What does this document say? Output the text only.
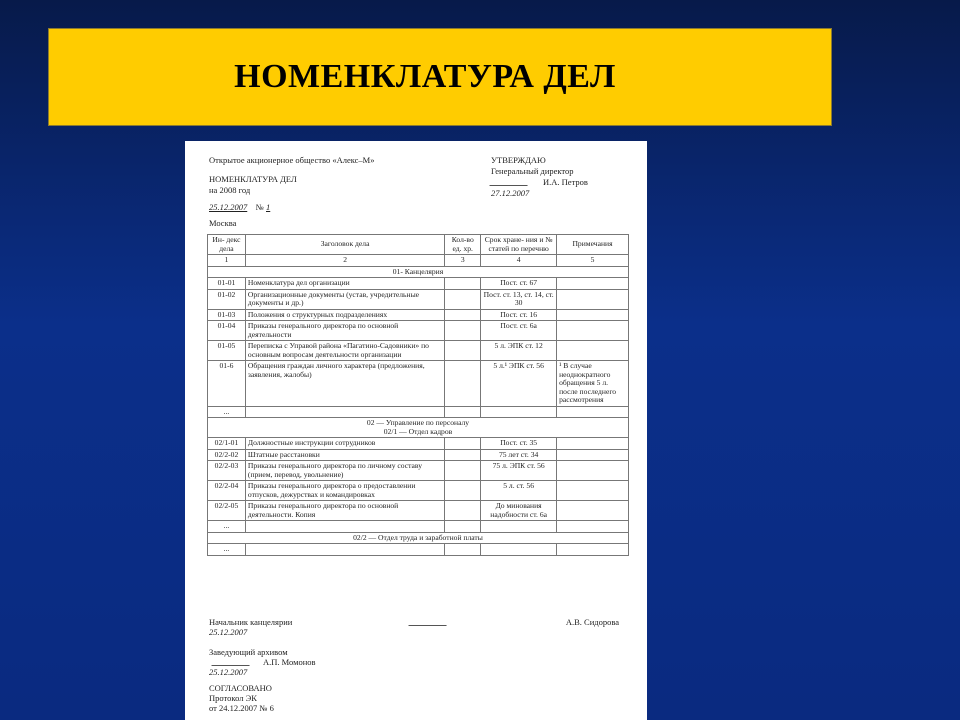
НОМЕНКЛАТУРА ДЕЛ
Открытое акционерное общество «Алекс–М»
НОМЕНКЛАТУРА ДЕЛ
на 2008 год
25.12.2007 № 1
Москва
УТВЕРЖДАЮ
Генеральный директор
И.А. Петров
27.12.2007
Ин- декс дела	Заголовок дела	Кол-во ед. хр.	Срок хране- ния и № статей по перечню	Примечания
1	2	3	4	5
01- Канцелярия				
01-01	Номенклатура дел организации		Пост. ст. 67	
01-02	Организационные документы (устав, учредительные документы и др.)		Пост. ст. 13, ст. 14, ст. 30	
01-03	Положения о структурных подразделениях		Пост. ст. 16	
01-04	Приказы генерального директора по основной деятельности		Пост. ст. 6а	
01-05	Переписка с Управой района «Пагатино-Садовники» по основным вопросам деятельности организации		5 л. ЭПК ст. 12	
01-6	Обращения граждан личного характера (предложения, заявления, жалобы)		5 л.¹ ЭПК ст. 56	¹ В случае неоднократного обращения 5 л. после последнего рассмотрения
...				

02 — Управление по персоналу
02/1 — Отдел кадров				

02/1-01	Должностные инструкции сотрудников		Пост. ст. 35	
02/2-02	Штатные расстановки		75 лет ст. 34	
02/2-03	Приказы генерального директора по личному составу (прием, перевод, увольнение)		75 л. ЭПК ст. 56	
02/2-04	Приказы генерального директора о предоставлении отпусков, дежурствах и командировках		5 л. ст. 56	
02/2-05	Приказы генерального директора по основной деятельности. Копия		До минования надобности ст. 6а	
...				
02/2 — Отдел труда и заработной платы				
...				
Начальник канцелярии	А.В. Сидорова
25.12.2007
Заведующий архивом
А.П. Момонов
25.12.2007
СОГЛАСОВАНО
Протокол ЭК
от 24.12.2007 № 6
